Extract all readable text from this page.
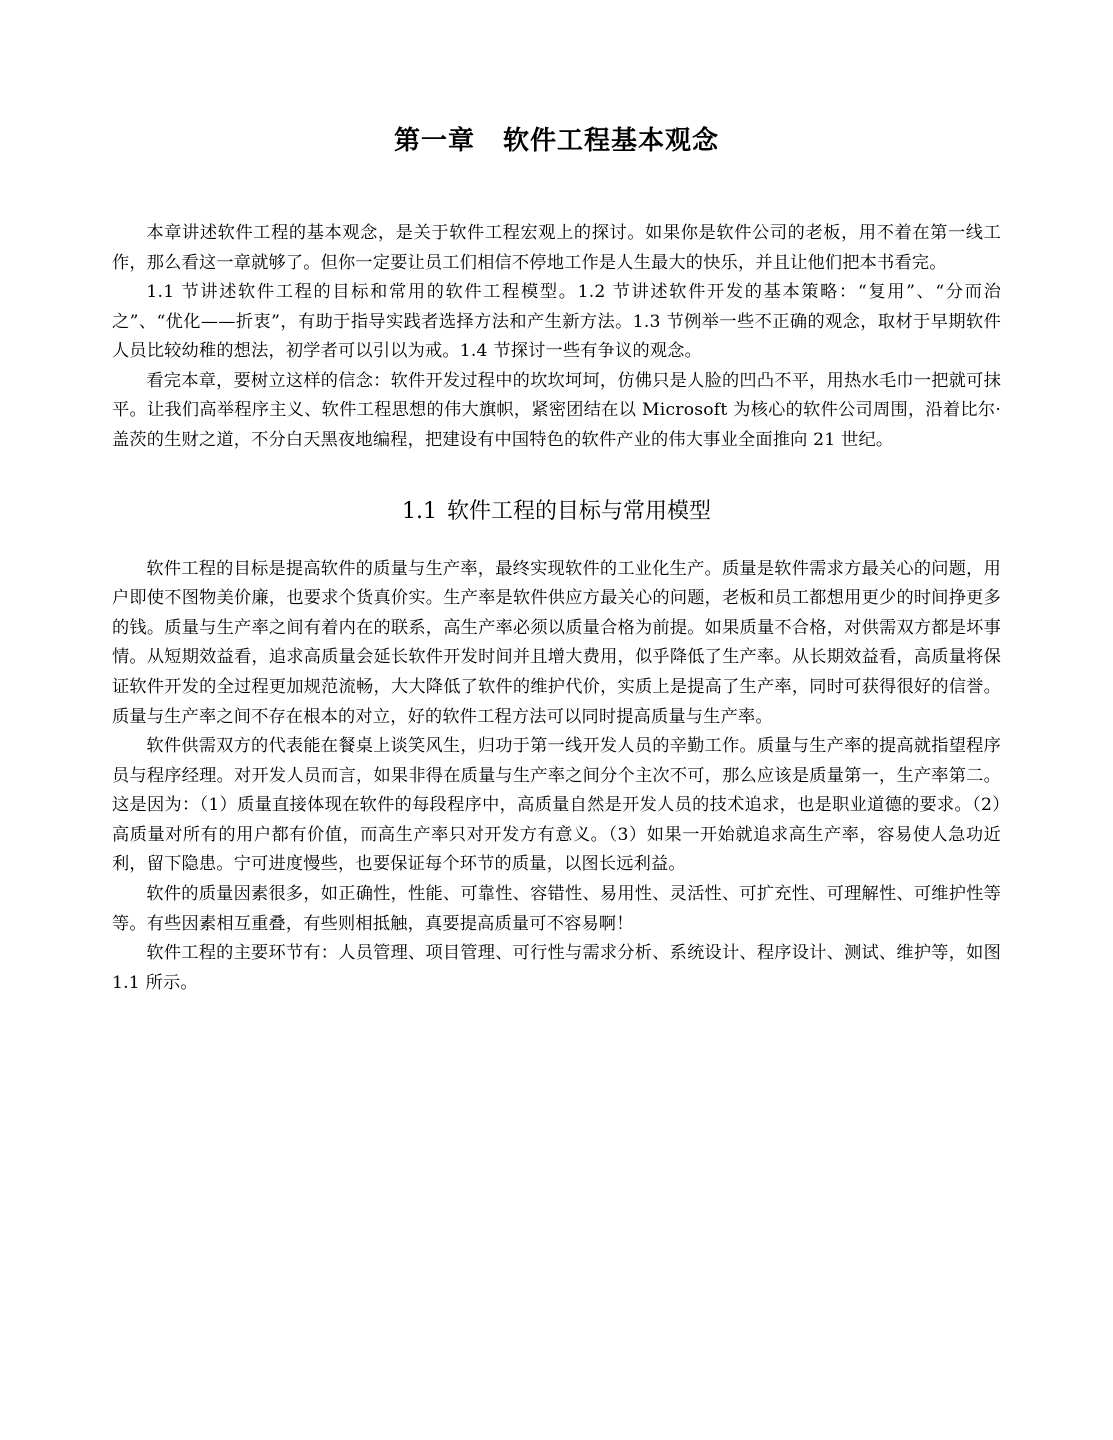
第一章 软件工程基本观念

本章讲述软件工程的基本观念，是关于软件工程宏观上的探讨。如果你是软件公司的老板，用不着在第一线工作，那么看这一章就够了。但你一定要让员工们相信不停地工作是人生最大的快乐，并且让他们把本书看完。

1.1 节讲述软件工程的目标和常用的软件工程模型。1.2 节讲述软件开发的基本策略：“复用”、“分而治之”、“优化——折衷”，有助于指导实践者选择方法和产生新方法。1.3 节例举一些不正确的观念，取材于早期软件人员比较幼稚的想法，初学者可以引以为戒。1.4 节探讨一些有争议的观念。

看完本章，要树立这样的信念：软件开发过程中的坎坎坷坷，仿佛只是人脸的凹凸不平，用热水毛巾一把就可抹平。让我们高举程序主义、软件工程思想的伟大旗帜，紧密团结在以 Microsoft 为核心的软件公司周围，沿着比尔·盖茨的生财之道，不分白天黑夜地编程，把建设有中国特色的软件产业的伟大事业全面推向 21 世纪。

1.1 软件工程的目标与常用模型

软件工程的目标是提高软件的质量与生产率，最终实现软件的工业化生产。质量是软件需求方最关心的问题，用户即使不图物美价廉，也要求个货真价实。生产率是软件供应方最关心的问题，老板和员工都想用更少的时间挣更多的钱。质量与生产率之间有着内在的联系，高生产率必须以质量合格为前提。如果质量不合格，对供需双方都是坏事情。从短期效益看，追求高质量会延长软件开发时间并且增大费用，似乎降低了生产率。从长期效益看，高质量将保证软件开发的全过程更加规范流畅，大大降低了软件的维护代价，实质上是提高了生产率，同时可获得很好的信誉。质量与生产率之间不存在根本的对立，好的软件工程方法可以同时提高质量与生产率。

软件供需双方的代表能在餐桌上谈笑风生，归功于第一线开发人员的辛勤工作。质量与生产率的提高就指望程序员与程序经理。对开发人员而言，如果非得在质量与生产率之间分个主次不可，那么应该是质量第一，生产率第二。这是因为：（1）质量直接体现在软件的每段程序中，高质量自然是开发人员的技术追求，也是职业道德的要求。（2）高质量对所有的用户都有价值，而高生产率只对开发方有意义。（3）如果一开始就追求高生产率，容易使人急功近利，留下隐患。宁可进度慢些，也要保证每个环节的质量，以图长远利益。

软件的质量因素很多，如正确性，性能、可靠性、容错性、易用性、灵活性、可扩充性、可理解性、可维护性等等。有些因素相互重叠，有些则相抵触，真要提高质量可不容易啊！

软件工程的主要环节有：人员管理、项目管理、可行性与需求分析、系统设计、程序设计、测试、维护等，如图 1.1 所示。
